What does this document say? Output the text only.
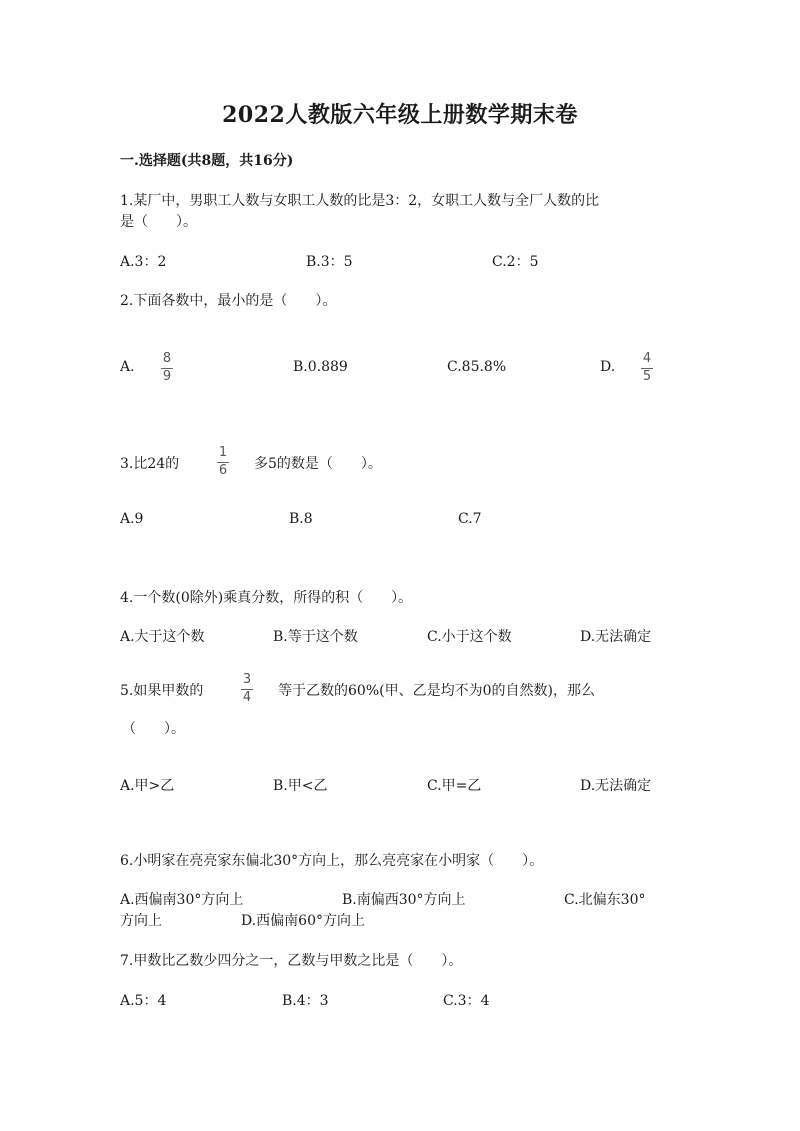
2022人教版六年级上册数学期末卷
一.选择题(共8题，共16分)
1.某厂中，男职工人数与女职工人数的比是3：2，女职工人数与全厂人数的比
是（　　）。
A.3：2	B.3：5	C.2：5
2.下面各数中，最小的是（　　）。
A.
8
9
B.0.889	C.85.8%	D.
4
5
3.比24的
1
6 多5的数是（　　）。
A.9	B.8	C.7
4.一个数(0除外)乘真分数，所得的积（　　）。
A.大于这个数	B.等于这个数	C.小于这个数	D.无法确定
5.如果甲数的
3
4 等于乙数的60%(甲、乙是均不为0的自然数)，那么
（　　）。
A.甲>乙	B.甲<乙	C.甲=乙	D.无法确定
6.小明家在亮亮家东偏北30°方向上，那么亮亮家在小明家（　　）。
A.西偏南30°方向上	B.南偏西30°方向上	C.北偏东30°
方向上	D.西偏南60°方向上
7.甲数比乙数少四分之一，乙数与甲数之比是（　　）。
A.5：4	B.4：3	C.3：4
